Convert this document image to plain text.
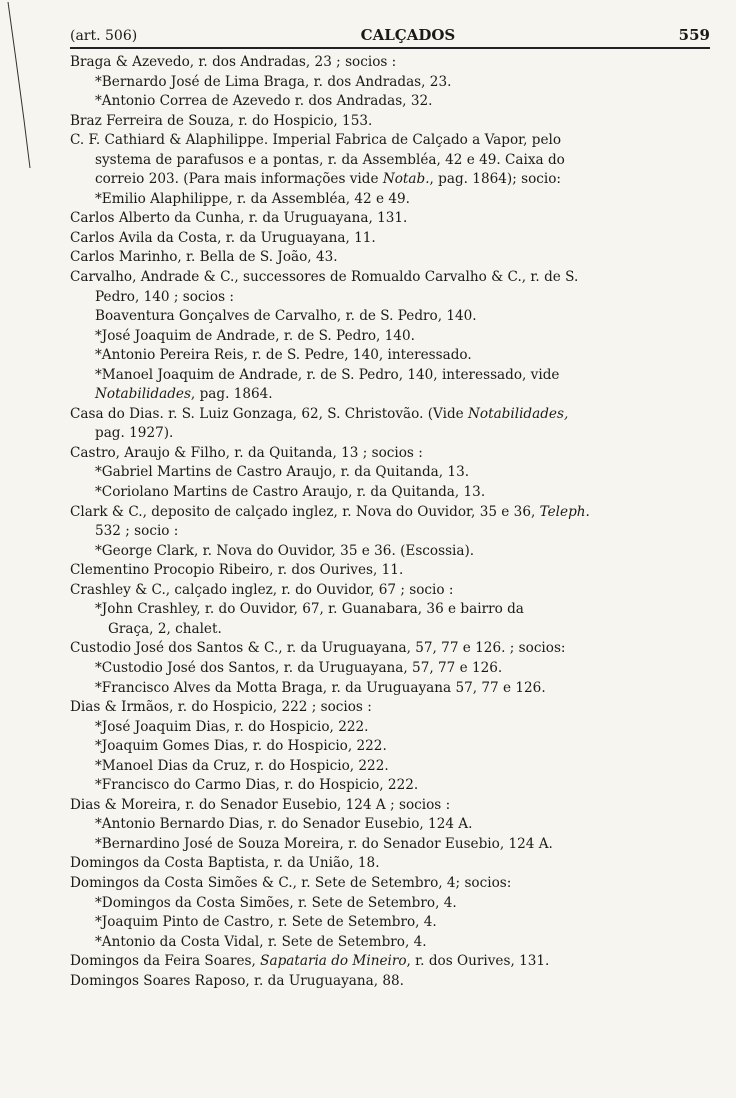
(art. 506)	CALÇADOS	559
Braga & Azevedo, r. dos Andradas, 23 ; socios :
*Bernardo José de Lima Braga, r. dos Andradas, 23.
*Antonio Correa de Azevedo r. dos Andradas, 32.
Braz Ferreira de Souza, r. do Hospicio, 153.
C. F. Cathiard & Alaphilippe. Imperial Fabrica de Calçado a Vapor, pelo
systema de parafusos e a pontas, r. da Assembléa, 42 e 49. Caixa do
correio 203. (Para mais informações vide Notab., pag. 1864); socio:
*Emilio Alaphilippe, r. da Assembléa, 42 e 49.
Carlos Alberto da Cunha, r. da Uruguayana, 131.
Carlos Avila da Costa, r. da Uruguayana, 11.
Carlos Marinho, r. Bella de S. João, 43.
Carvalho, Andrade & C., successores de Romualdo Carvalho & C., r. de S.
Pedro, 140 ; socios :
Boaventura Gonçalves de Carvalho, r. de S. Pedro, 140.
*José Joaquim de Andrade, r. de S. Pedro, 140.
*Antonio Pereira Reis, r. de S. Pedre, 140, interessado.
*Manoel Joaquim de Andrade, r. de S. Pedro, 140, interessado, vide
Notabilidades, pag. 1864.
Casa do Dias. r. S. Luiz Gonzaga, 62, S. Christovão. (Vide Notabilidades,
pag. 1927).
Castro, Araujo & Filho, r. da Quitanda, 13 ; socios :
*Gabriel Martins de Castro Araujo, r. da Quitanda, 13.
*Coriolano Martins de Castro Araujo, r. da Quitanda, 13.
Clark & C., deposito de calçado inglez, r. Nova do Ouvidor, 35 e 36, Teleph.
532 ; socio :
*George Clark, r. Nova do Ouvidor, 35 e 36. (Escossia).
Clementino Procopio Ribeiro, r. dos Ourives, 11.
Crashley & C., calçado inglez, r. do Ouvidor, 67 ; socio :
*John Crashley, r. do Ouvidor, 67, r. Guanabara, 36 e bairro da
Graça, 2, chalet.
Custodio José dos Santos & C., r. da Uruguayana, 57, 77 e 126. ; socios:
*Custodio José dos Santos, r. da Uruguayana, 57, 77 e 126.
*Francisco Alves da Motta Braga, r. da Uruguayana 57, 77 e 126.
Dias & Irmãos, r. do Hospicio, 222 ; socios :
*José Joaquim Dias, r. do Hospicio, 222.
*Joaquim Gomes Dias, r. do Hospicio, 222.
*Manoel Dias da Cruz, r. do Hospicio, 222.
*Francisco do Carmo Dias, r. do Hospicio, 222.
Dias & Moreira, r. do Senador Eusebio, 124 A ; socios :
*Antonio Bernardo Dias, r. do Senador Eusebio, 124 A.
*Bernardino José de Souza Moreira, r. do Senador Eusebio, 124 A.
Domingos da Costa Baptista, r. da União, 18.
Domingos da Costa Simões & C., r. Sete de Setembro, 4; socios:
*Domingos da Costa Simões, r. Sete de Setembro, 4.
*Joaquim Pinto de Castro, r. Sete de Setembro, 4.
*Antonio da Costa Vidal, r. Sete de Setembro, 4.
Domingos da Feira Soares, Sapataria do Mineiro, r. dos Ourives, 131.
Domingos Soares Raposo, r. da Uruguayana, 88.
